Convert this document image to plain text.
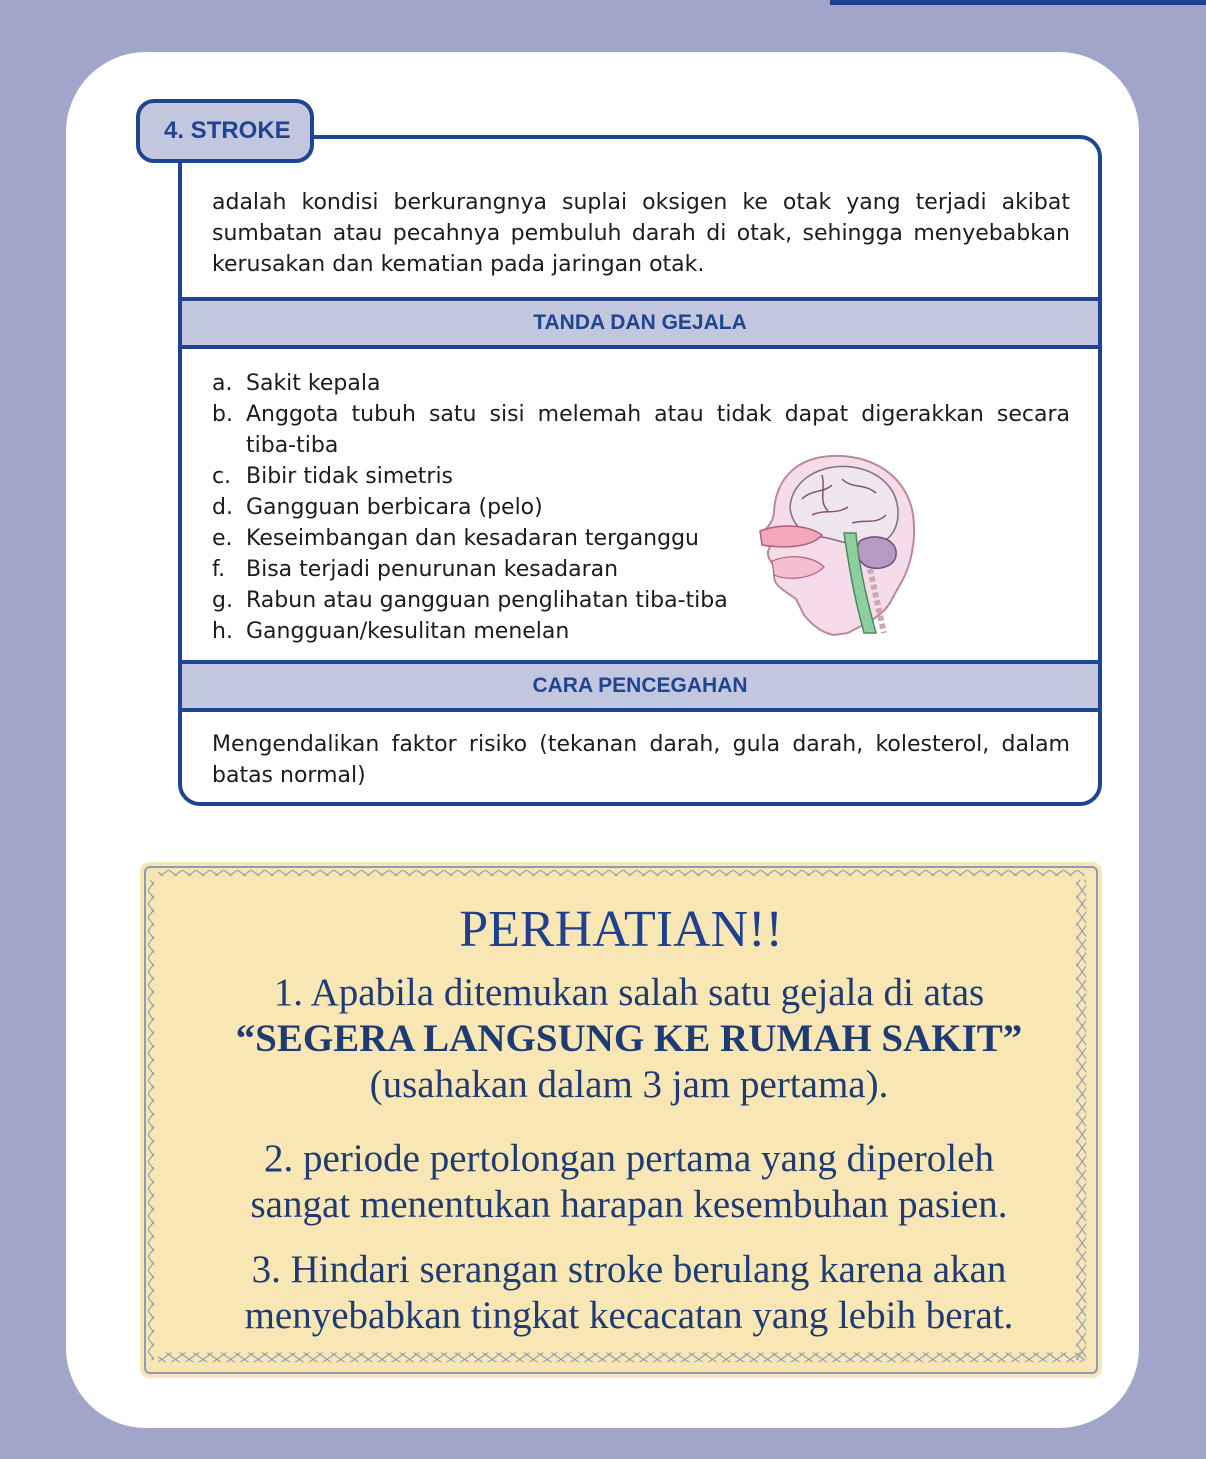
4. STROKE

adalah kondisi berkurangnya suplai oksigen ke otak yang terjadi akibat sumbatan atau pecahnya pembuluh darah di otak, sehingga menyebabkan kerusakan dan kematian pada jaringan otak.

TANDA DAN GEJALA
a. Sakit kepala
b. Anggota tubuh satu sisi melemah atau tidak dapat digerakkan secara tiba-tiba
c. Bibir tidak simetris
d. Gangguan berbicara (pelo)
e. Keseimbangan dan kesadaran terganggu
f. Bisa terjadi penurunan kesadaran
g. Rabun atau gangguan penglihatan tiba-tiba
h. Gangguan/kesulitan menelan
CARA PENCEGAHAN

Mengendalikan faktor risiko (tekanan darah, gula darah, kolesterol, dalam batas normal)

PERHATIAN!!

1. Apabila ditemukan salah satu gejala di atas
“SEGERA LANGSUNG KE RUMAH SAKIT”
(usahakan dalam 3 jam pertama).

2. periode pertolongan pertama yang diperoleh
sangat menentukan harapan kesembuhan pasien.

3. Hindari serangan stroke berulang karena akan
menyebabkan tingkat kecacatan yang lebih berat.
